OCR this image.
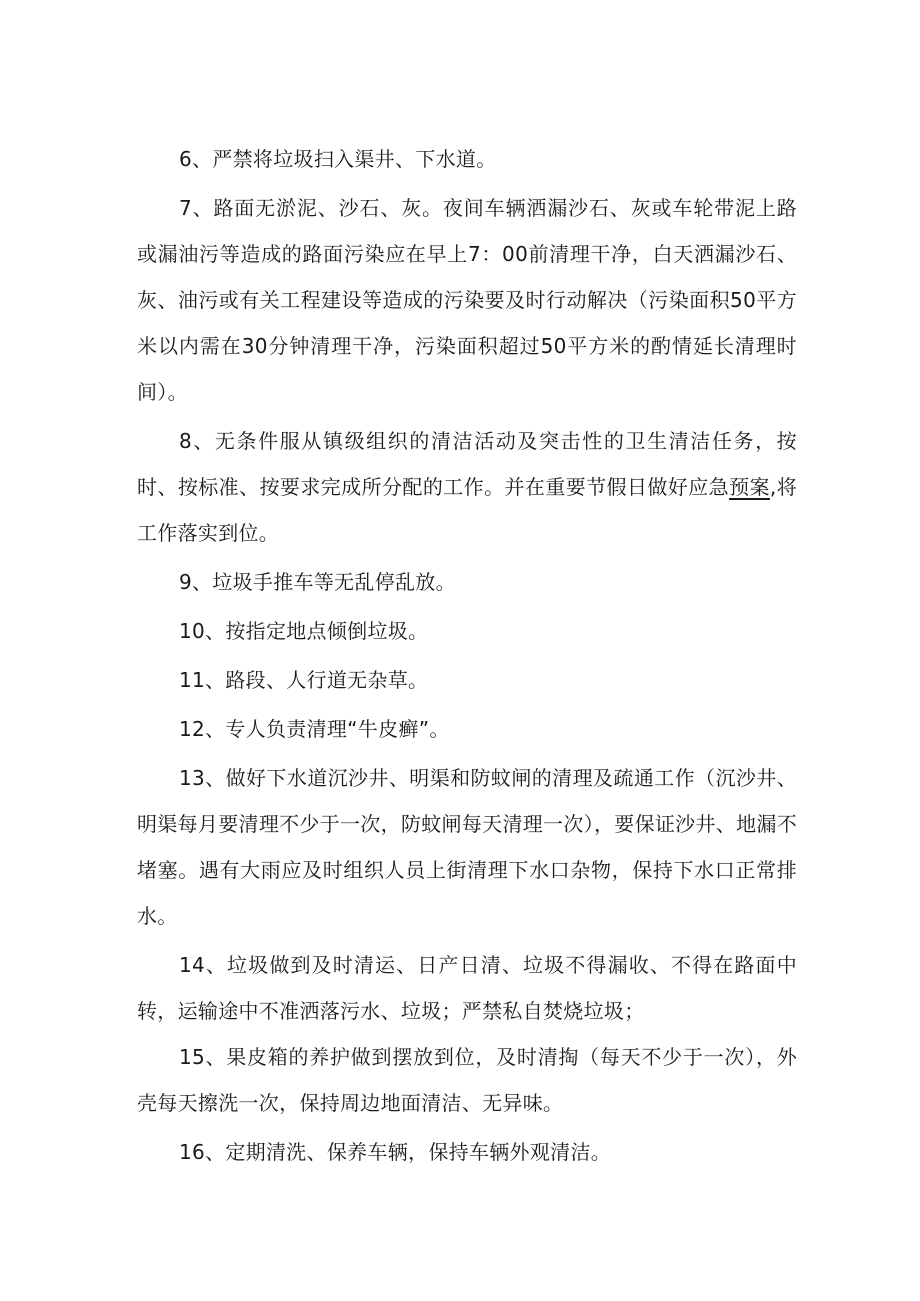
6、严禁将垃圾扫入渠井、下水道。

7、路面无淤泥、沙石、灰。夜间车辆洒漏沙石、灰或车轮带泥上路或漏油污等造成的路面污染应在早上7：00前清理干净，白天洒漏沙石、灰、油污或有关工程建设等造成的污染要及时行动解决（污染面积50平方米以内需在30分钟清理干净，污染面积超过50平方米的酌情延长清理时间）。

8、无条件服从镇级组织的清洁活动及突击性的卫生清洁任务，按时、按标准、按要求完成所分配的工作。并在重要节假日做好应急预案,将工作落实到位。

9、垃圾手推车等无乱停乱放。

10、按指定地点倾倒垃圾。

11、路段、人行道无杂草。

12、专人负责清理“牛皮癣”。

13、做好下水道沉沙井、明渠和防蚊闸的清理及疏通工作（沉沙井、明渠每月要清理不少于一次，防蚊闸每天清理一次），要保证沙井、地漏不堵塞。遇有大雨应及时组织人员上街清理下水口杂物，保持下水口正常排水。

14、垃圾做到及时清运、日产日清、垃圾不得漏收、不得在路面中转，运输途中不准洒落污水、垃圾；严禁私自焚烧垃圾；

15、果皮箱的养护做到摆放到位，及时清掏（每天不少于一次），外壳每天擦洗一次，保持周边地面清洁、无异味。

16、定期清洗、保养车辆，保持车辆外观清洁。
